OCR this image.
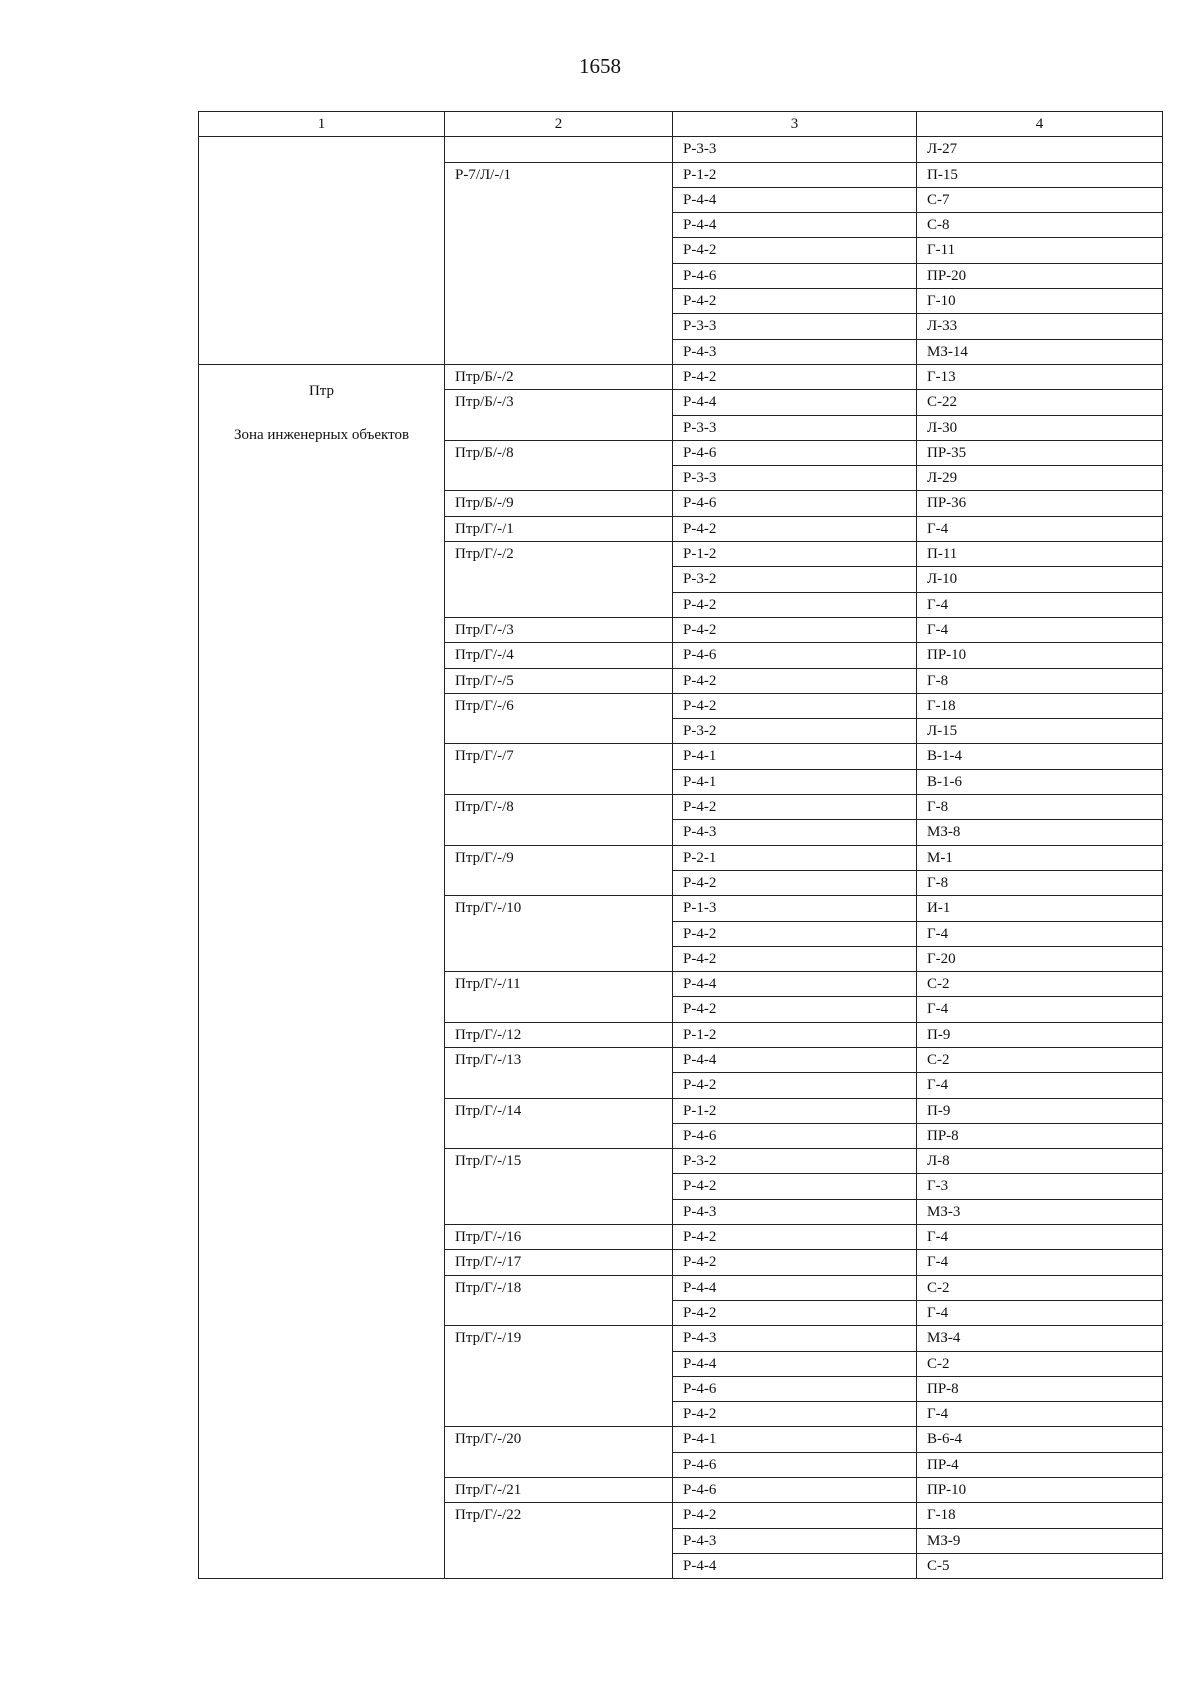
1658
1	2	3	4

		Р-3-3	Л-27
	Р-7/Л/-/1	Р-1-2	П-15
		Р-4-4	С-7
		Р-4-4	С-8
		Р-4-2	Г-11
		Р-4-6	ПР-20
		Р-4-2	Г-10
		Р-3-3	Л-33
		Р-4-3	МЗ-14

Птр
Зона инженерных объектов	Птр/Б/-/2	Р-4-2	Г-13
	Птр/Б/-/3	Р-4-4	С-22
		Р-3-3	Л-30
	Птр/Б/-/8	Р-4-6	ПР-35
		Р-3-3	Л-29
	Птр/Б/-/9	Р-4-6	ПР-36
	Птр/Г/-/1	Р-4-2	Г-4
	Птр/Г/-/2	Р-1-2	П-11
		Р-3-2	Л-10
		Р-4-2	Г-4
	Птр/Г/-/3	Р-4-2	Г-4
	Птр/Г/-/4	Р-4-6	ПР-10
	Птр/Г/-/5	Р-4-2	Г-8
	Птр/Г/-/6	Р-4-2	Г-18
		Р-3-2	Л-15
	Птр/Г/-/7	Р-4-1	В-1-4
		Р-4-1	В-1-6
	Птр/Г/-/8	Р-4-2	Г-8
		Р-4-3	МЗ-8
	Птр/Г/-/9	Р-2-1	М-1
		Р-4-2	Г-8
	Птр/Г/-/10	Р-1-3	И-1
		Р-4-2	Г-4
		Р-4-2	Г-20
	Птр/Г/-/11	Р-4-4	С-2
		Р-4-2	Г-4
	Птр/Г/-/12	Р-1-2	П-9
	Птр/Г/-/13	Р-4-4	С-2
		Р-4-2	Г-4
	Птр/Г/-/14	Р-1-2	П-9
		Р-4-6	ПР-8
	Птр/Г/-/15	Р-3-2	Л-8
		Р-4-2	Г-3
		Р-4-3	МЗ-3
	Птр/Г/-/16	Р-4-2	Г-4
	Птр/Г/-/17	Р-4-2	Г-4
	Птр/Г/-/18	Р-4-4	С-2
		Р-4-2	Г-4
	Птр/Г/-/19	Р-4-3	МЗ-4
		Р-4-4	С-2
		Р-4-6	ПР-8
		Р-4-2	Г-4
	Птр/Г/-/20	Р-4-1	В-6-4
		Р-4-6	ПР-4
	Птр/Г/-/21	Р-4-6	ПР-10
	Птр/Г/-/22	Р-4-2	Г-18
		Р-4-3	МЗ-9
		Р-4-4	С-5
